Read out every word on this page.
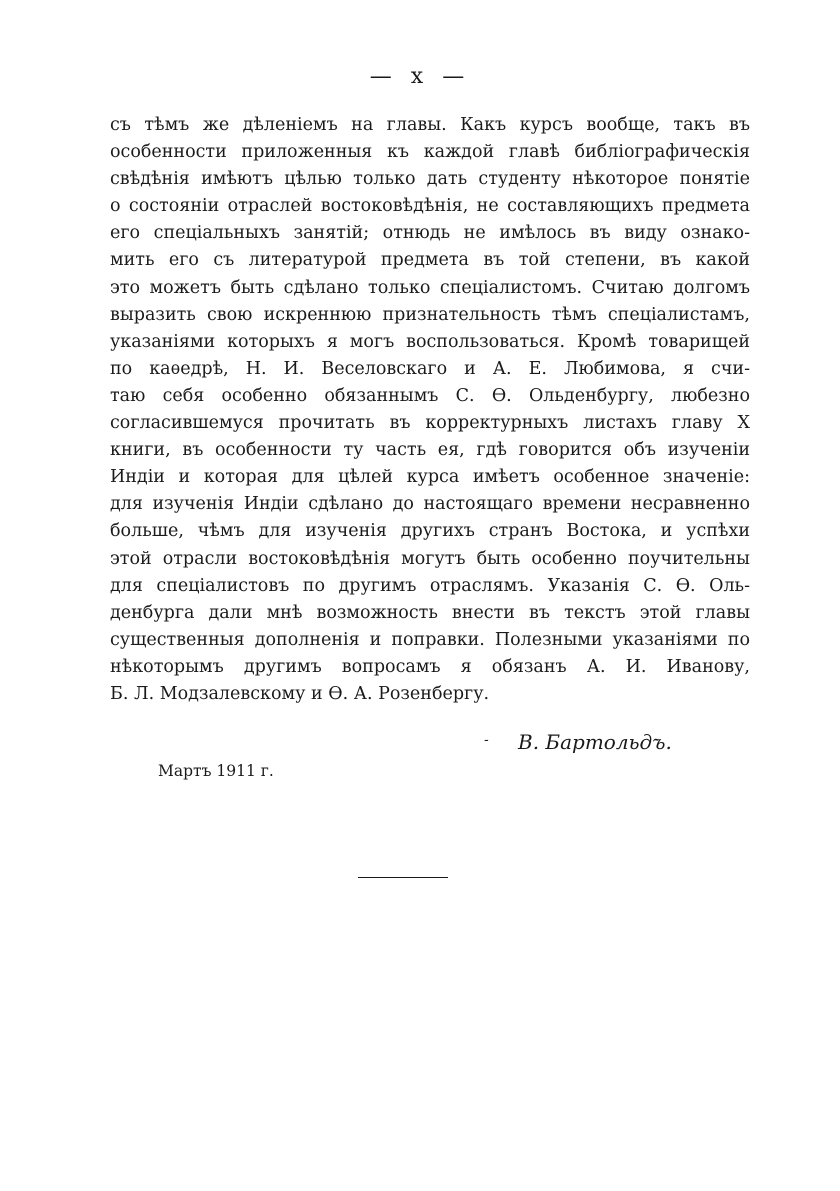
— x —
съ тѣмъ же дѣленіемъ на главы. Какъ курсъ вообще, такъ въ
особенности приложенныя къ каждой главѣ библіографическія
свѣдѣнія имѣютъ цѣлью только дать студенту нѣкоторое понятіе
о состояніи отраслей востоковѣдѣнія, не составляющихъ предмета
его спеціальныхъ занятій; отнюдь не имѣлось въ виду ознако-
мить его съ литературой предмета въ той степени, въ какой
это можетъ быть сдѣлано только спеціалистомъ. Считаю долгомъ
выразить свою искреннюю признательность тѣмъ спеціалистамъ,
указаніями которыхъ я могъ воспользоваться. Кромѣ товарищей
по каѳедрѣ, Н. И. Веселовскаго и А. Е. Любимова, я счи-
таю себя особенно обязаннымъ С. Ѳ. Ольденбургу, любезно
согласившемуся прочитать въ корректурныхъ листахъ главу X
книги, въ особенности ту часть ея, гдѣ говорится объ изученіи
Индіи и которая для цѣлей курса имѣетъ особенное значеніе:
для изученія Индіи сдѣлано до настоящаго времени несравненно
больше, чѣмъ для изученія другихъ странъ Востока, и успѣхи
этой отрасли востоковѣдѣнія могутъ быть особенно поучительны
для спеціалистовъ по другимъ отраслямъ. Указанія С. Ѳ. Оль-
денбурга дали мнѣ возможность внести въ текстъ этой главы
существенныя дополненія и поправки. Полезными указаніями по
нѣкоторымъ другимъ вопросамъ я обязанъ А. И. Иванову,
Б. Л. Модзалевскому и Ѳ. А. Розенбергу.
- В. Бартольдъ.
Мартъ 1911 г.
